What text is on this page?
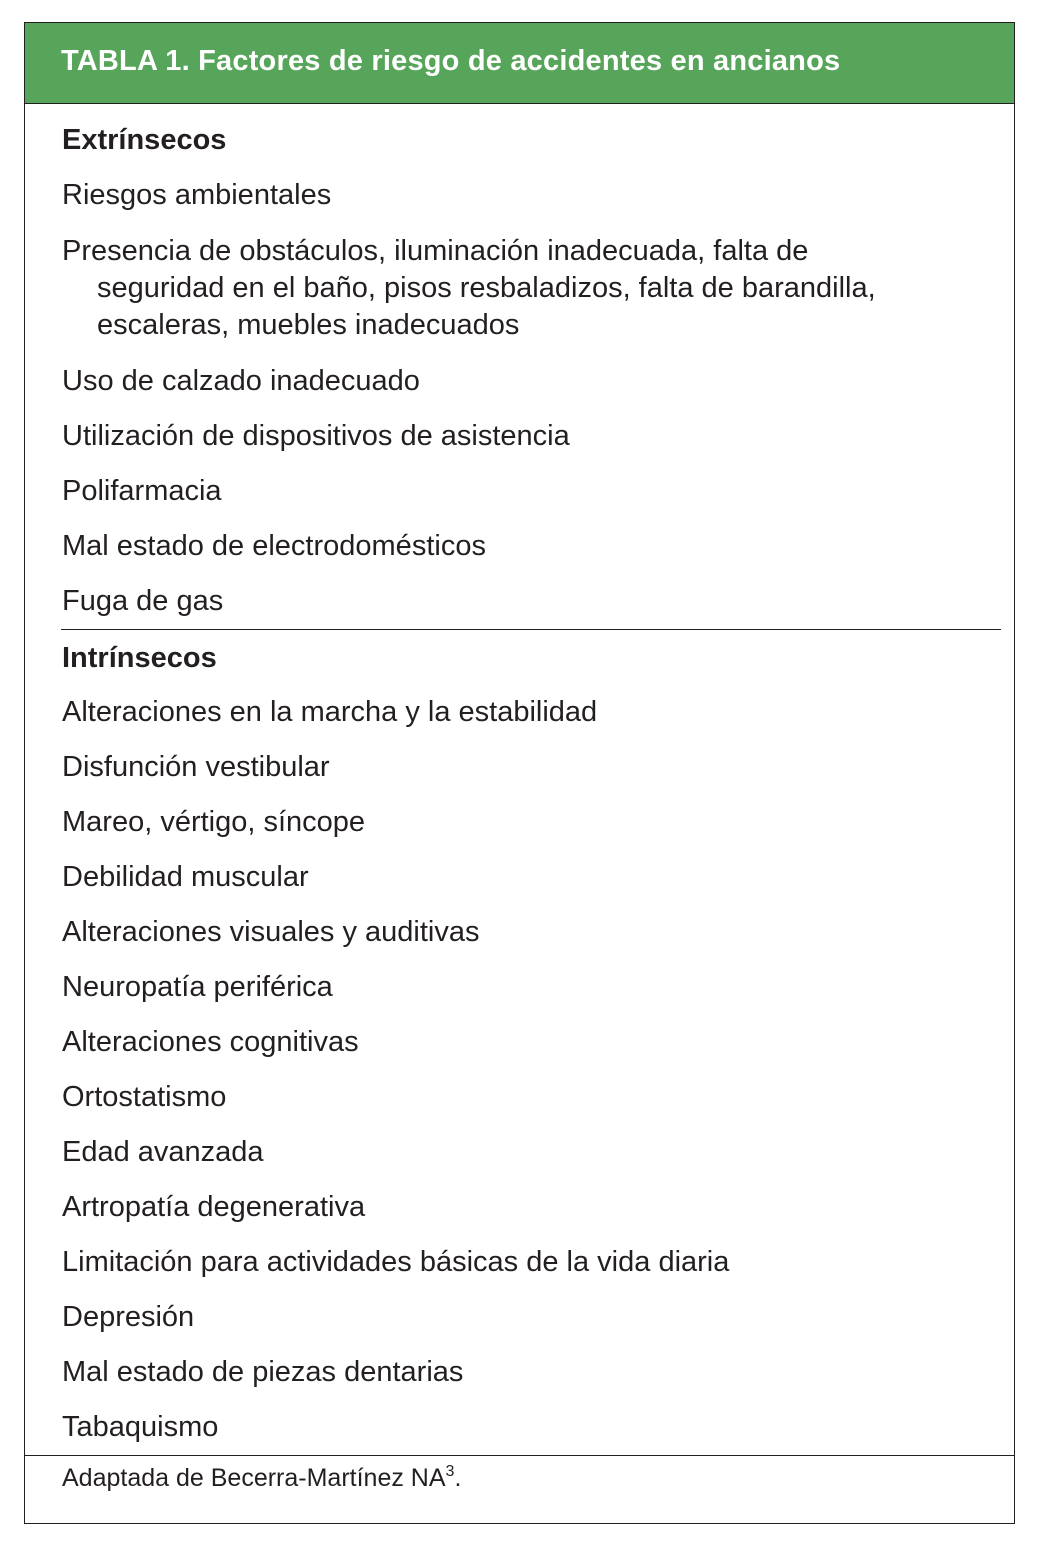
TABLA 1. Factores de riesgo de accidentes en ancianos
Extrínsecos
Riesgos ambientales
Presencia de obstáculos, iluminación inadecuada, falta de
seguridad en el baño, pisos resbaladizos, falta de barandilla,
escaleras, muebles inadecuados
Uso de calzado inadecuado
Utilización de dispositivos de asistencia
Polifarmacia
Mal estado de electrodomésticos
Fuga de gas
Intrínsecos
Alteraciones en la marcha y la estabilidad
Disfunción vestibular
Mareo, vértigo, síncope
Debilidad muscular
Alteraciones visuales y auditivas
Neuropatía periférica
Alteraciones cognitivas
Ortostatismo
Edad avanzada
Artropatía degenerativa
Limitación para actividades básicas de la vida diaria
Depresión
Mal estado de piezas dentarias
Tabaquismo
Adaptada de Becerra-Martínez $NA^3$.
